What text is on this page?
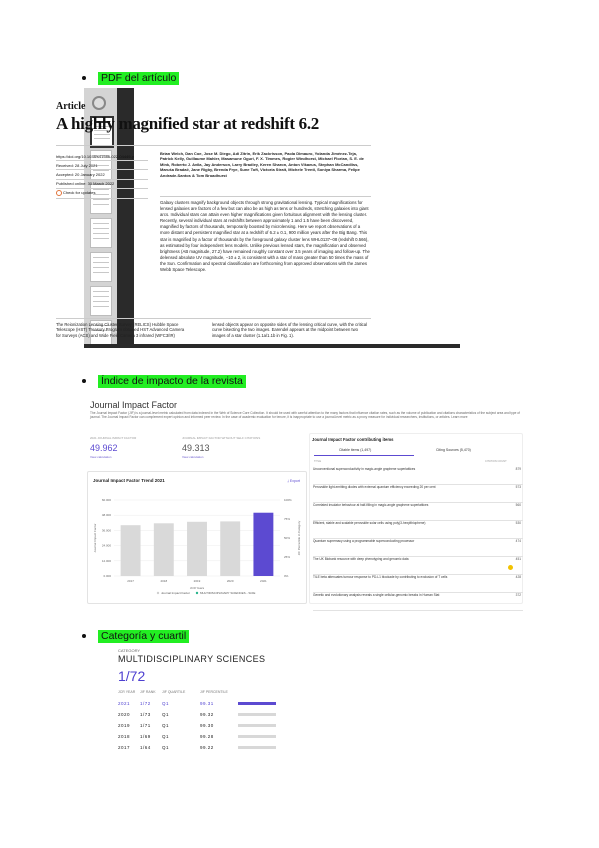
PDF del artículo
Article
A highly magnified star at redshift 6.2
https://doi.org/10.1038/s41586-022-04449-y
Received: 28 July 2021
Accepted: 20 January 2022
Published online: 30 March 2022
Check for updates
Brian Welch, Dan Coe, Jose M. Diego, Adi Zitrin, Erik Zackrisson, Paola Dimauro, Yolanda Jiménez-Teja, Patrick Kelly, Guillaume Mahler, Masamune Oguri, F. X. Timmes, Rogier Windhorst, Michael Florian, S. E. de Mink, Roberto J. Avila, Jay Anderson, Larry Bradley, Keren Sharon, Anton Vikaeus, Stephan McCandliss, Maruša Bradač, Jane Rigby, Brenda Frye, Sune Toft, Victoria Strait, Michele Trenti, Soniya Sharma, Felipe Andrade-Santos & Tom Broadhurst
Galaxy clusters magnify background objects through strong gravitational lensing. Typical magnifications for lensed galaxies are factors of a few but can also be as high as tens or hundreds, stretching galaxies into giant arcs. Individual stars can attain even higher magnifications given fortuitous alignment with the lensing cluster. Recently, several individual stars at redshifts between approximately 1 and 1.5 have been discovered, magnified by factors of thousands, temporarily boosted by microlensing. Here we report observations of a more distant and persistent magnified star at a redshift of 6.2 ± 0.1, 900 million years after the Big Bang. This star is magnified by a factor of thousands by the foreground galaxy cluster lens WHL0137–08 (redshift 0.566), as estimated by four independent lens models. Unlike previous lensed stars, the magnification and observed brightness (AB magnitude, 27.2) have remained roughly constant over 3.5 years of imaging and follow-up. The delensed absolute UV magnitude, −10 ± 2, is consistent with a star of mass greater than 50 times the mass of the Sun. Confirmation and spectral classification are forthcoming from approved observations with the James Webb Space Telescope.
The Reionization Lensing Cluster Survey (RELICS) Hubble Space Telescope (HST) Treasury Program obtained HST Advanced Camera for Surveys (ACS) and Wide Field Camera 3 infrared (WFC3/IR)
lensed objects appear on opposite sides of the lensing critical curve, with the critical curve bisecting the two images. Earendel appears at the midpoint between two images of a star cluster (1.1a/1.1b in Fig. 1).
Índice de impacto de la revista
Journal Impact Factor
The Journal Impact Factor (JIF) is a journal-level metric calculated from data indexed in the Web of Science Core Collection. It should be used with careful attention to the many factors that influence citation rates, such as the volume of publication and citations characteristics of the subject area and type of journal. The Journal Impact Factor can complement expert opinion and informed peer review. In the case of academic evaluation for tenure, it is inappropriate to use a journal-level metric as a proxy measure for individual researchers, institutions, or articles. Learn more
2021 JOURNAL IMPACT FACTOR
49.962
View calculation
JOURNAL IMPACT FACTOR WITHOUT SELF CITATIONS
49.313
View calculation
Journal Impact Factor Trend 2021	⤓ Export
0.000
12.000
24.000
36.000
48.000
60.000
0%
25%
50%
75%
100%
2017	2018	2019	2020	2021
JCR Years
Journal Impact Factor	JIF Percentile in Category
Journal Impact Factor	MULTIDISCIPLINARY SCIENCES - SCIE
Journal Impact Factor contributing items
Citable items (1,497)	Citing Sources (5,470)
TITLE	CITATION COUNT
Unconventional superconductivity in magic-angle graphene superlattices	879
Perovskite light-emitting diodes with external quantum efficiency exceeding 20 per cent	573
Correlated insulator behaviour at half-filling in magic-angle graphene superlattices	560
Efficient, stable and scalable perovskite solar cells using poly(3-hexylthiophene)	530
Quantum supremacy using a programmable superconducting processor	474
The UK Biobank resource with deep phenotyping and genomic data	451
TILE beta attenuates tumour response to PD-L1 blockade by contributing to exclusion of T cells	428
Genetic and evolutionary analysis reveals a single cellular-genomic breaks in Human Stat	372
Categoría y cuartil
CATEGORY
MULTIDISCIPLINARY SCIENCES
1/72
JCR YEAR JIF RANK JIF QUARTILE	JIF PERCENTILE
2021 1/72 Q1	99.31
2020 1/73 Q1	99.32
2019 1/71 Q1	99.30
2018 1/69 Q1	99.28
2017 1/64 Q1	99.22
